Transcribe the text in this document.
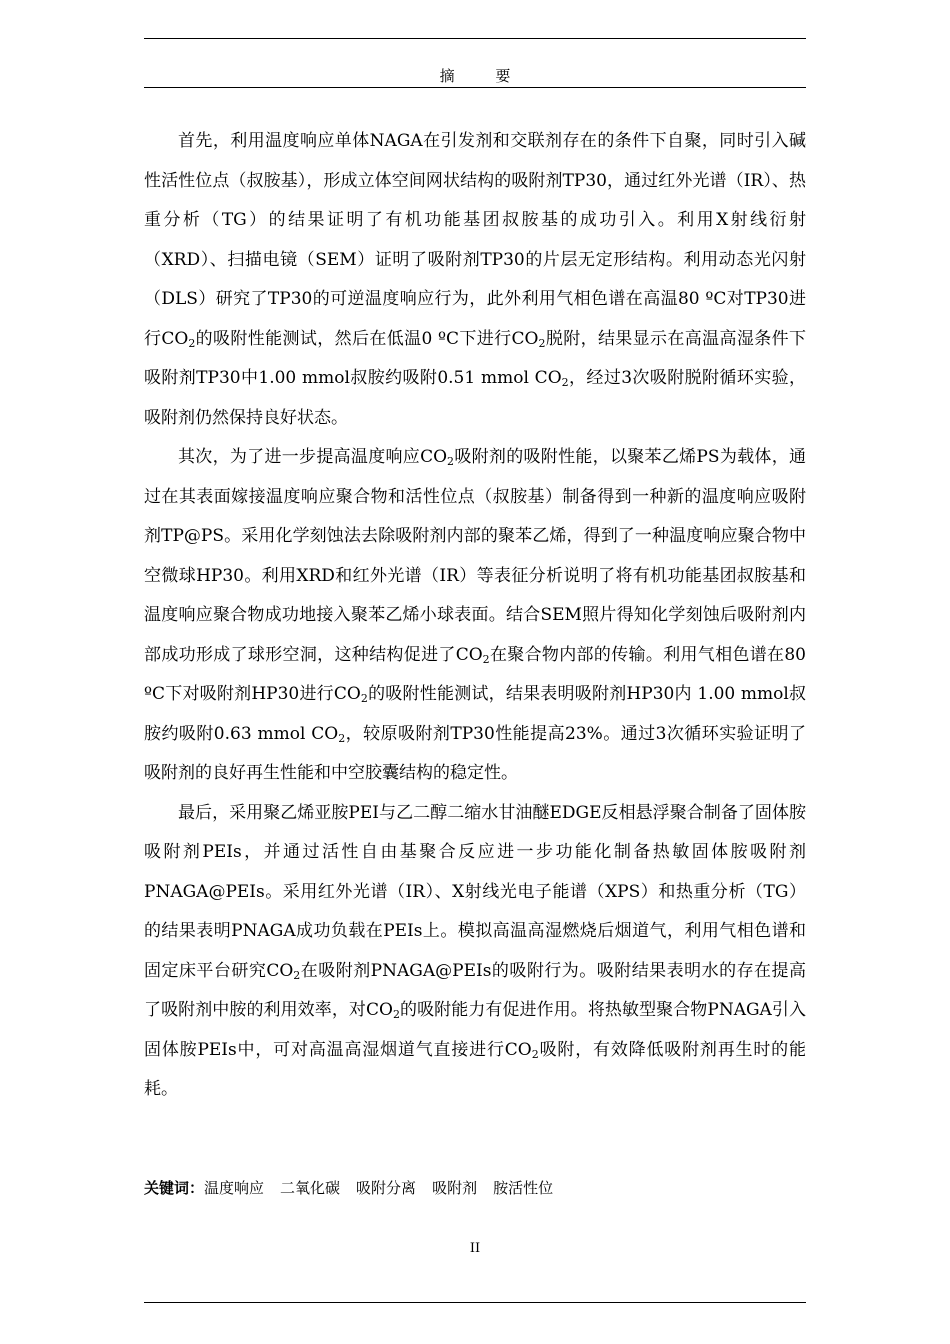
摘 要

首先，利用温度响应单体NAGA在引发剂和交联剂存在的条件下自聚，同时引入碱性活性位点（叔胺基），形成立体空间网状结构的吸附剂TP30，通过红外光谱（IR）、热重分析（TG）的结果证明了有机功能基团叔胺基的成功引入。利用X射线衍射（XRD）、扫描电镜（SEM）证明了吸附剂TP30的片层无定形结构。利用动态光闪射（DLS）研究了TP30的可逆温度响应行为，此外利用气相色谱在高温80 ºC对TP30进行$CO_2$的吸附性能测试，然后在低温0 ºC下进行$CO_2$脱附，结果显示在高温高湿条件下吸附剂TP30中1.00 mmol叔胺约吸附0.51 mmol $CO_2$，经过3次吸附脱附循环实验，吸附剂仍然保持良好状态。

其次，为了进一步提高温度响应$CO_2$吸附剂的吸附性能，以聚苯乙烯PS为载体，通过在其表面嫁接温度响应聚合物和活性位点（叔胺基）制备得到一种新的温度响应吸附剂TP@PS。采用化学刻蚀法去除吸附剂内部的聚苯乙烯，得到了一种温度响应聚合物中空微球HP30。利用XRD和红外光谱（IR）等表征分析说明了将有机功能基团叔胺基和温度响应聚合物成功地接入聚苯乙烯小球表面。结合SEM照片得知化学刻蚀后吸附剂内部成功形成了球形空洞，这种结构促进了$CO_2$在聚合物内部的传输。利用气相色谱在80 ºC下对吸附剂HP30进行$CO_2$的吸附性能测试，结果表明吸附剂HP30内 1.00 mmol叔胺约吸附0.63 mmol $CO_2$，较原吸附剂TP30性能提高23%。通过3次循环实验证明了吸附剂的良好再生性能和中空胶囊结构的稳定性。

最后，采用聚乙烯亚胺PEI与乙二醇二缩水甘油醚EDGE反相悬浮聚合制备了固体胺吸附剂PEIs，并通过活性自由基聚合反应进一步功能化制备热敏固体胺吸附剂PNAGA@PEIs。采用红外光谱（IR）、X射线光电子能谱（XPS）和热重分析（TG）的结果表明PNAGA成功负载在PEIs上。模拟高温高湿燃烧后烟道气，利用气相色谱和固定床平台研究$CO_2$在吸附剂PNAGA@PEIs的吸附行为。吸附结果表明水的存在提高了吸附剂中胺的利用效率，对$CO_2$的吸附能力有促进作用。将热敏型聚合物PNAGA引入固体胺PEIs中，可对高温高湿烟道气直接进行$CO_2$吸附，有效降低吸附剂再生时的能耗。

关键词：温度响应 二氧化碳 吸附分离 吸附剂 胺活性位
II
